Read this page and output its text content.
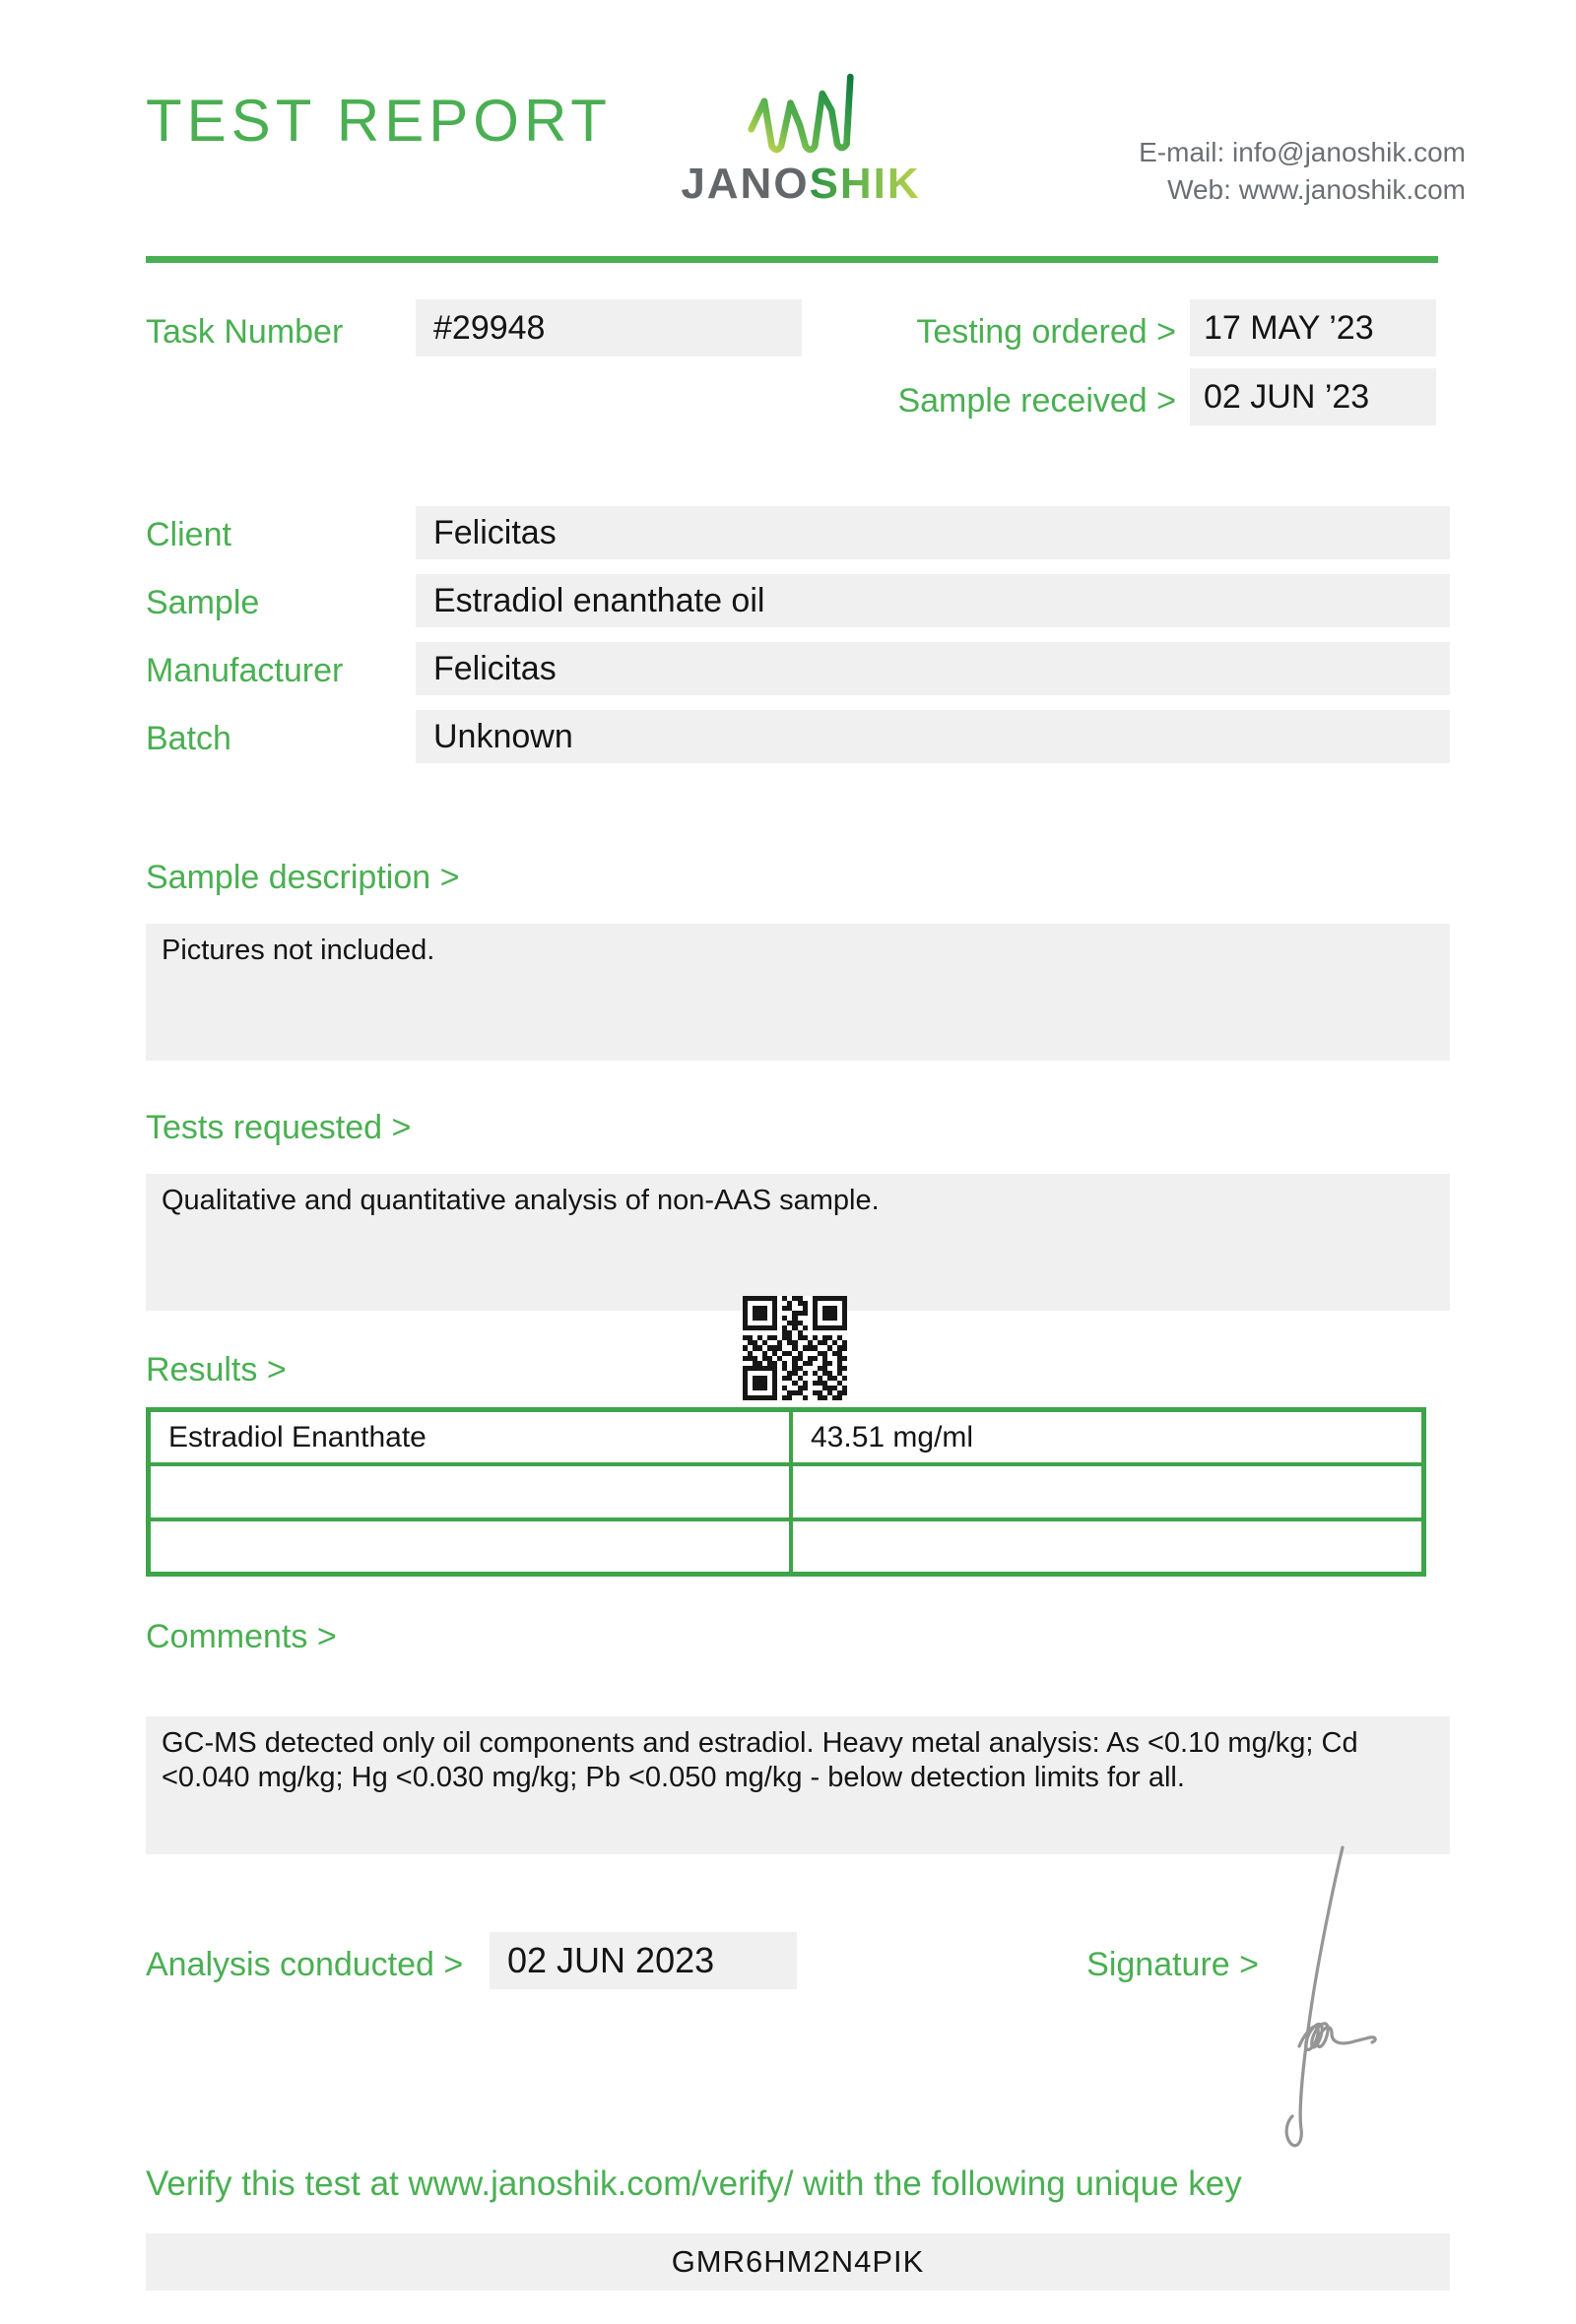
TEST REPORT
JANOSHIK
E-mail: info@janoshik.com
Web: www.janoshik.com
Task Number	#29948	Testing ordered > 17 MAY ’23
Sample received > 02 JUN ’23
Client	Felicitas
Sample	Estradiol enanthate oil
Manufacturer	Felicitas
Batch	Unknown
Sample description >
Pictures not included.
Tests requested >
Qualitative and quantitative analysis of non-AAS sample.
Results >
Estradiol Enanthate	43.51 mg/ml
Comments >
GC-MS detected only oil components and estradiol. Heavy metal analysis: As <0.10 mg/kg; Cd
<0.040 mg/kg; Hg <0.030 mg/kg; Pb <0.050 mg/kg - below detection limits for all.
Analysis conducted >	02 JUN 2023	Signature >
Verify this test at www.janoshik.com/verify/ with the following unique key
GMR6HM2N4PIK
